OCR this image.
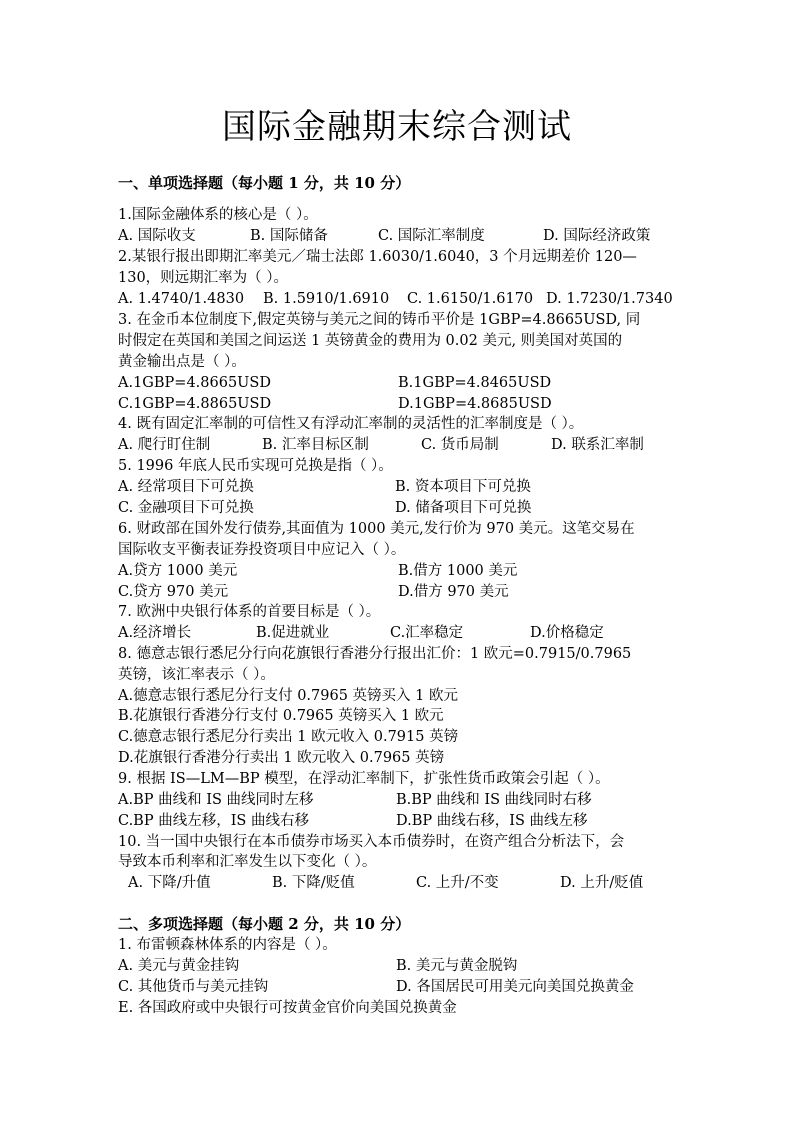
国际金融期末综合测试
一、单项选择题（每小题 1 分，共 10 分）
1.国际金融体系的核心是（ ）。
A. 国际收支	B. 国际储备	C. 国际汇率制度	D. 国际经济政策
2.某银行报出即期汇率美元／瑞士法郎 1.6030/1.6040，3 个月远期差价 120—
130，则远期汇率为（ ）。
A. 1.4740/1.4830 B. 1.5910/1.6910 C. 1.6150/1.6170 D. 1.7230/1.7340
3. 在金币本位制度下,假定英镑与美元之间的铸币平价是 1GBP=4.8665USD, 同
时假定在英国和美国之间运送 1 英镑黄金的费用为 0.02 美元, 则美国对英国的
黄金输出点是（ ）。
A.1GBP=4.8665USD	B.1GBP=4.8465USD
C.1GBP=4.8865USD	D.1GBP=4.8685USD
4. 既有固定汇率制的可信性又有浮动汇率制的灵活性的汇率制度是（ ）。
A. 爬行盯住制	B. 汇率目标区制	C. 货币局制	D. 联系汇率制
5. 1996 年底人民币实现可兑换是指（ ）。
A. 经常项目下可兑换	B. 资本项目下可兑换
C. 金融项目下可兑换	D. 储备项目下可兑换
6. 财政部在国外发行债券,其面值为 1000 美元,发行价为 970 美元。这笔交易在
国际收支平衡表证券投资项目中应记入（ ）。
A.贷方 1000 美元	B.借方 1000 美元
C.贷方 970 美元	D.借方 970 美元
7. 欧洲中央银行体系的首要目标是（ ）。
A.经济增长	B.促进就业	C.汇率稳定	D.价格稳定
8. 德意志银行悉尼分行向花旗银行香港分行报出汇价：1 欧元=0.7915/0.7965
英镑，该汇率表示（ ）。
A.德意志银行悉尼分行支付 0.7965 英镑买入 1 欧元
B.花旗银行香港分行支付 0.7965 英镑买入 1 欧元
C.德意志银行悉尼分行卖出 1 欧元收入 0.7915 英镑
D.花旗银行香港分行卖出 1 欧元收入 0.7965 英镑
9. 根据 IS—LM—BP 模型，在浮动汇率制下，扩张性货币政策会引起（ ）。
A.BP 曲线和 IS 曲线同时左移	B.BP 曲线和 IS 曲线同时右移
C.BP 曲线左移，IS 曲线右移	D.BP 曲线右移，IS 曲线左移
10. 当一国中央银行在本币债券市场买入本币债券时，在资产组合分析法下，会
导致本币利率和汇率发生以下变化（ ）。
A. 下降/升值	B. 下降/贬值	C. 上升/不变	D. 上升/贬值
二、多项选择题（每小题 2 分，共 10 分）
1. 布雷顿森林体系的内容是（ ）。
A. 美元与黄金挂钩	B. 美元与黄金脱钩
C. 其他货币与美元挂钩	D. 各国居民可用美元向美国兑换黄金
E. 各国政府或中央银行可按黄金官价向美国兑换黄金
